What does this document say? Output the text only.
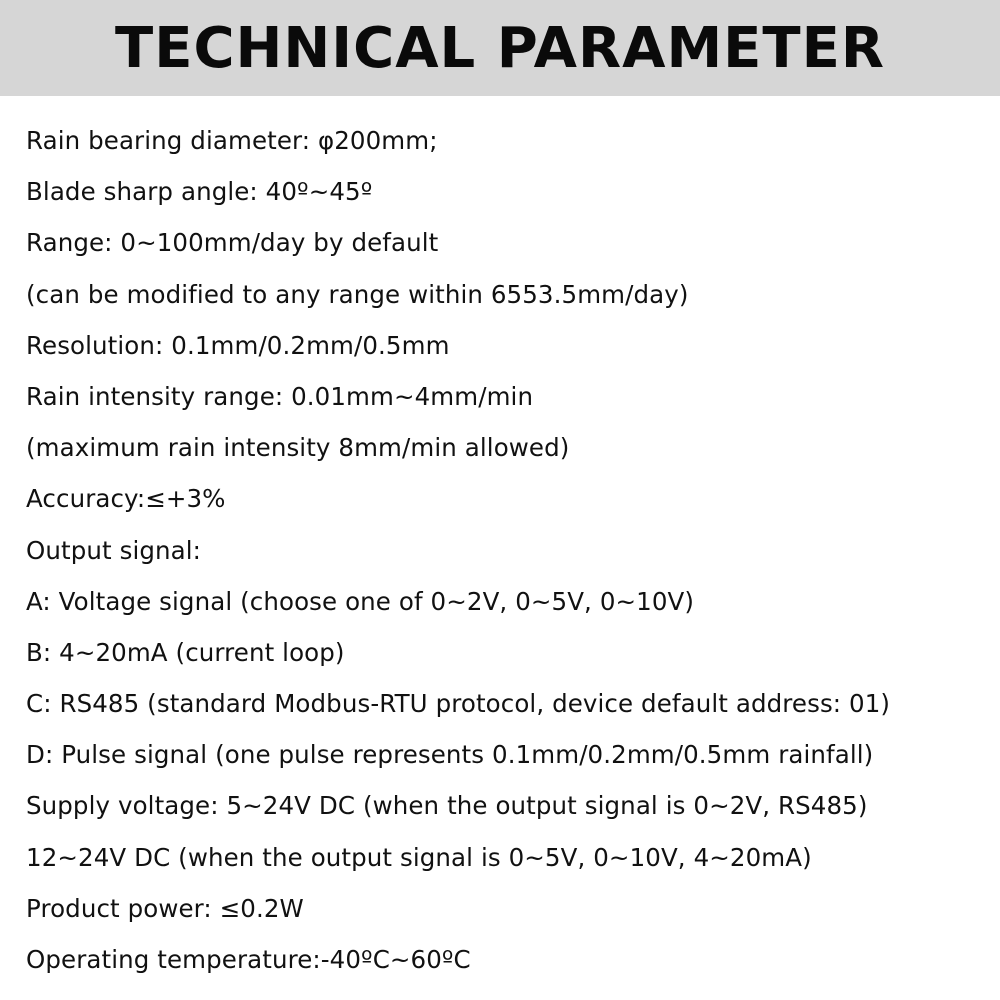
TECHNICAL PARAMETER
Rain bearing diameter: φ200mm;
Blade sharp angle: 40º~45º
Range: 0~100mm/day by default
(can be modified to any range within 6553.5mm/day)
Resolution: 0.1mm/0.2mm/0.5mm
Rain intensity range: 0.01mm~4mm/min
(maximum rain intensity 8mm/min allowed)
Accuracy:≤+3%
Output signal:
A: Voltage signal (choose one of 0~2V, 0~5V, 0~10V)
B: 4~20mA (current loop)
C: RS485 (standard Modbus-RTU protocol, device default address: 01)
D: Pulse signal (one pulse represents 0.1mm/0.2mm/0.5mm rainfall)
Supply voltage: 5~24V DC (when the output signal is 0~2V, RS485)
12~24V DC (when the output signal is 0~5V, 0~10V, 4~20mA)
Product power: ≤0.2W
Operating temperature:-40ºC~60ºC
